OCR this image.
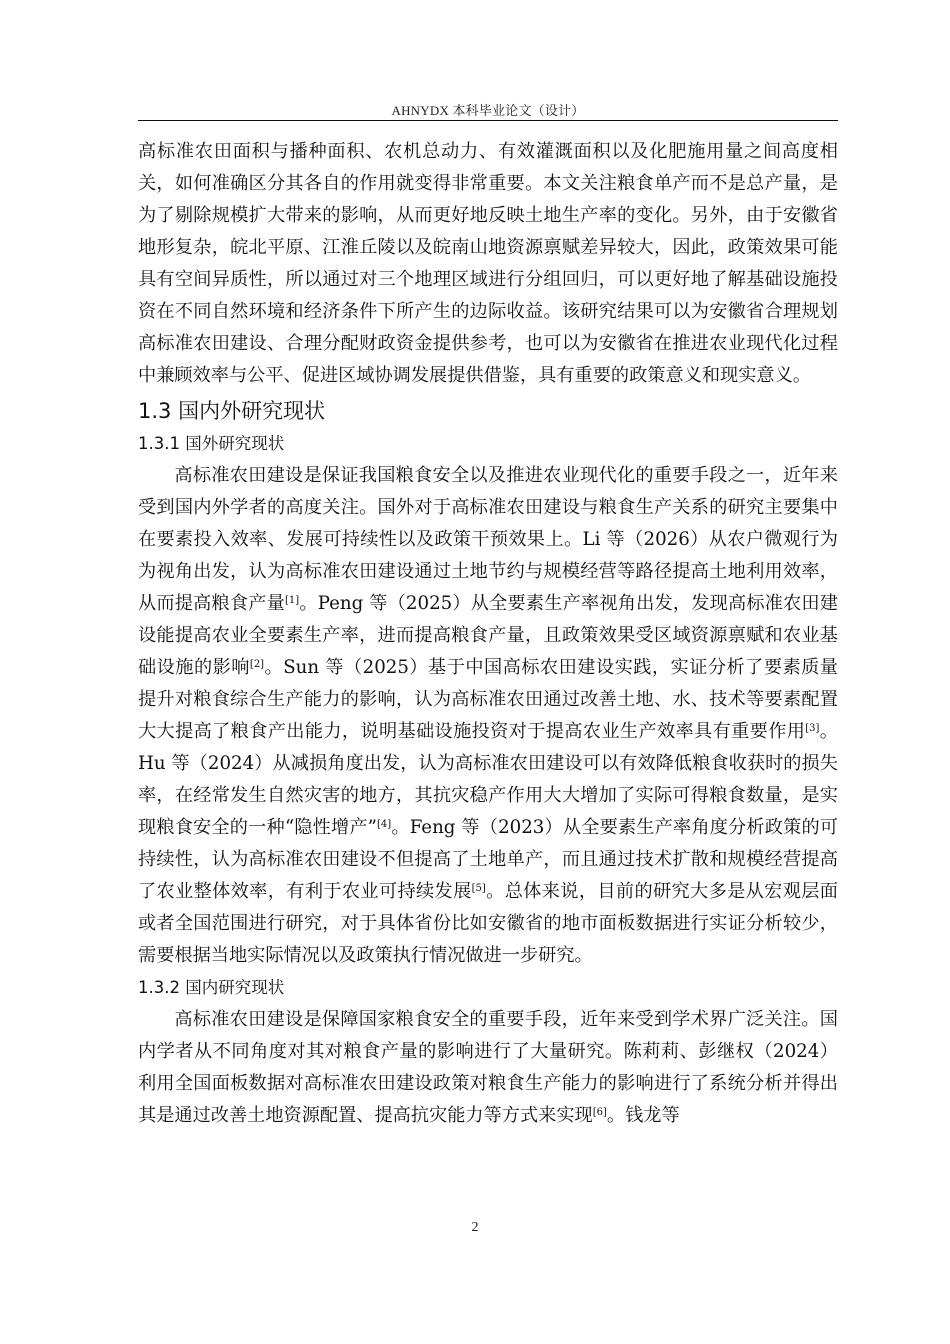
AHNYDX 本科毕业论文（设计）

高标准农田面积与播种面积、农机总动力、有效灌溉面积以及化肥施用量之间高度相关，如何准确区分其各自的作用就变得非常重要。本文关注粮食单产而不是总产量，是为了剔除规模扩大带来的影响，从而更好地反映土地生产率的变化。另外，由于安徽省地形复杂，皖北平原、江淮丘陵以及皖南山地资源禀赋差异较大，因此，政策效果可能具有空间异质性，所以通过对三个地理区域进行分组回归，可以更好地了解基础设施投资在不同自然环境和经济条件下所产生的边际收益。该研究结果可以为安徽省合理规划高标准农田建设、合理分配财政资金提供参考，也可以为安徽省在推进农业现代化过程中兼顾效率与公平、促进区域协调发展提供借鉴，具有重要的政策意义和现实意义。

1.3 国内外研究现状
1.3.1 国外研究现状

高标准农田建设是保证我国粮食安全以及推进农业现代化的重要手段之一，近年来受到国内外学者的高度关注。国外对于高标准农田建设与粮食生产关系的研究主要集中在要素投入效率、发展可持续性以及政策干预效果上。Li 等（2026）从农户微观行为为视角出发，认为高标准农田建设通过土地节约与规模经营等路径提高土地利用效率，从而提高粮食产量[1]。Peng 等（2025）从全要素生产率视角出发，发现高标准农田建设能提高农业全要素生产率，进而提高粮食产量，且政策效果受区域资源禀赋和农业基础设施的影响[2]。Sun 等（2025）基于中国高标农田建设实践，实证分析了要素质量提升对粮食综合生产能力的影响，认为高标准农田通过改善土地、水、技术等要素配置大大提高了粮食产出能力，说明基础设施投资对于提高农业生产效率具有重要作用[3]。Hu 等（2024）从减损角度出发，认为高标准农田建设可以有效降低粮食收获时的损失率，在经常发生自然灾害的地方，其抗灾稳产作用大大增加了实际可得粮食数量，是实现粮食安全的一种“隐性增产”[4]。Feng 等（2023）从全要素生产率角度分析政策的可持续性，认为高标准农田建设不但提高了土地单产，而且通过技术扩散和规模经营提高了农业整体效率，有利于农业可持续发展[5]。总体来说，目前的研究大多是从宏观层面或者全国范围进行研究，对于具体省份比如安徽省的地市面板数据进行实证分析较少，需要根据当地实际情况以及政策执行情况做进一步研究。

1.3.2 国内研究现状

高标准农田建设是保障国家粮食安全的重要手段，近年来受到学术界广泛关注。国内学者从不同角度对其对粮食产量的影响进行了大量研究。陈莉莉、彭继权（2024）利用全国面板数据对高标准农田建设政策对粮食生产能力的影响进行了系统分析并得出其是通过改善土地资源配置、提高抗灾能力等方式来实现[6]。钱龙等

2
